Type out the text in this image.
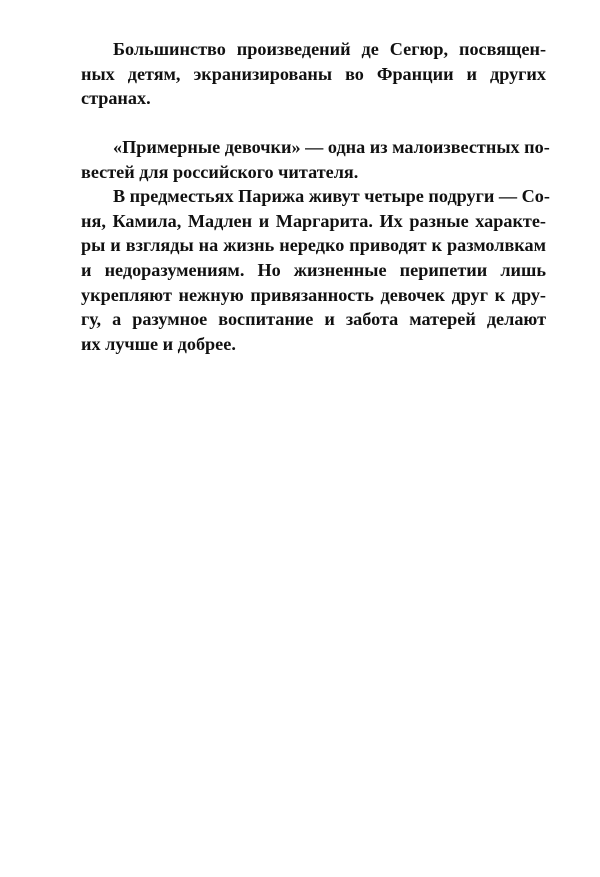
Большинство произведений де Сегюр, посвящен-
ных детям, экранизированы во Франции и других
странах.
«Примерные девочки» — одна из малоизвестных по-
вестей для российского читателя.
В предместьях Парижа живут четыре подруги — Со-
ня, Камила, Мадлен и Маргарита. Их разные характе-
ры и взгляды на жизнь нередко приводят к размолвкам
и недоразумениям. Но жизненные перипетии лишь
укрепляют нежную привязанность девочек друг к дру-
гу, а разумное воспитание и забота матерей делают
их лучше и добрее.
